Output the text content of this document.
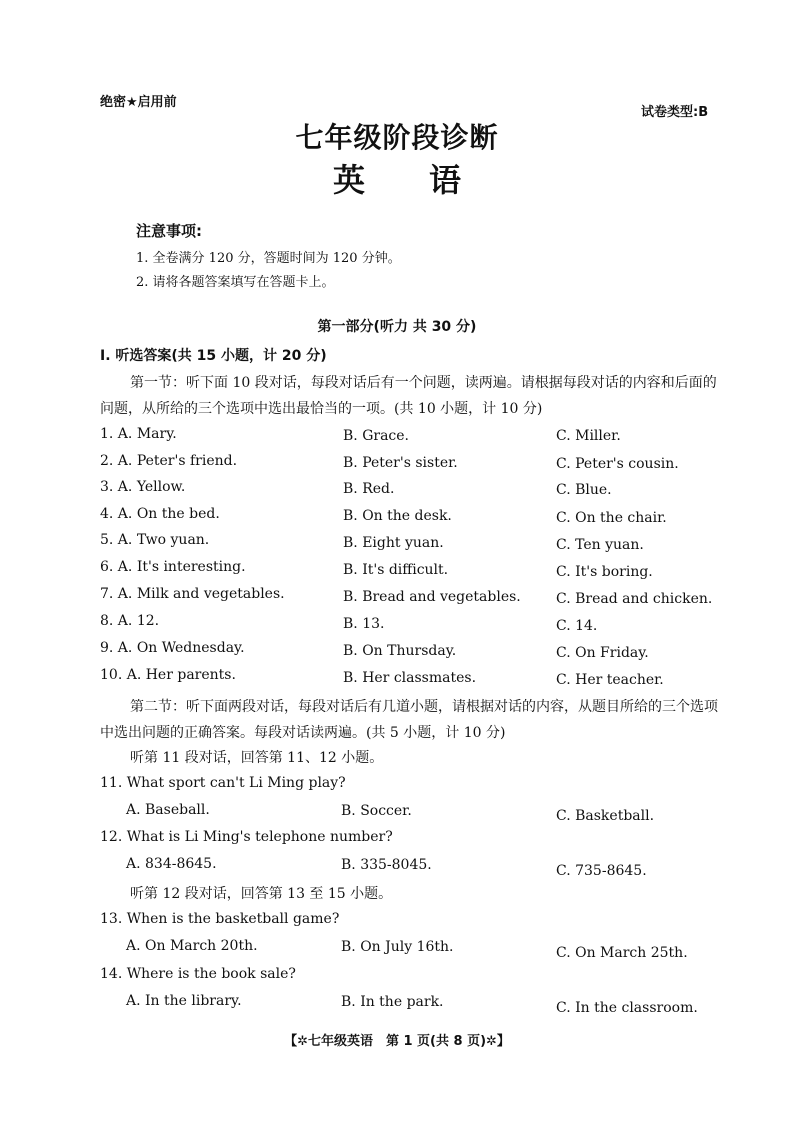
绝密★启用前
试卷类型:B
七年级阶段诊断
英　　语
注意事项:
1. 全卷满分 120 分，答题时间为 120 分钟。
2. 请将各题答案填写在答题卡上。
第一部分(听力 共 30 分)
Ⅰ. 听选答案(共 15 小题，计 20 分)
第一节：听下面 10 段对话，每段对话后有一个问题，读两遍。请根据每段对话的内容和后面的问题，从所给的三个选项中选出最恰当的一项。(共 10 小题，计 10 分)
1. A. Mary.	B. Grace.	C. Miller.
2. A. Peter's friend.	B. Peter's sister.	C. Peter's cousin.
3. A. Yellow.	B. Red.	C. Blue.
4. A. On the bed.	B. On the desk.	C. On the chair.
5. A. Two yuan.	B. Eight yuan.	C. Ten yuan.
6. A. It's interesting.	B. It's difficult.	C. It's boring.
7. A. Milk and vegetables.	B. Bread and vegetables.	C. Bread and chicken.
8. A. 12.	B. 13.	C. 14.
9. A. On Wednesday.	B. On Thursday.	C. On Friday.
10. A. Her parents.	B. Her classmates.	C. Her teacher.
第二节：听下面两段对话，每段对话后有几道小题，请根据对话的内容，从题目所给的三个选项中选出问题的正确答案。每段对话读两遍。(共 5 小题，计 10 分)
听第 11 段对话，回答第 11、12 小题。
11. What sport can't Li Ming play?
A. Baseball.	B. Soccer.	C. Basketball.
12. What is Li Ming's telephone number?
A. 834-8645.	B. 335-8045.	C. 735-8645.
听第 12 段对话，回答第 13 至 15 小题。
13. When is the basketball game?
A. On March 20th.	B. On July 16th.	C. On March 25th.
14. Where is the book sale?
A. In the library.	B. In the park.	C. In the classroom.
【✲七年级英语　第 1 页(共 8 页)✲】
